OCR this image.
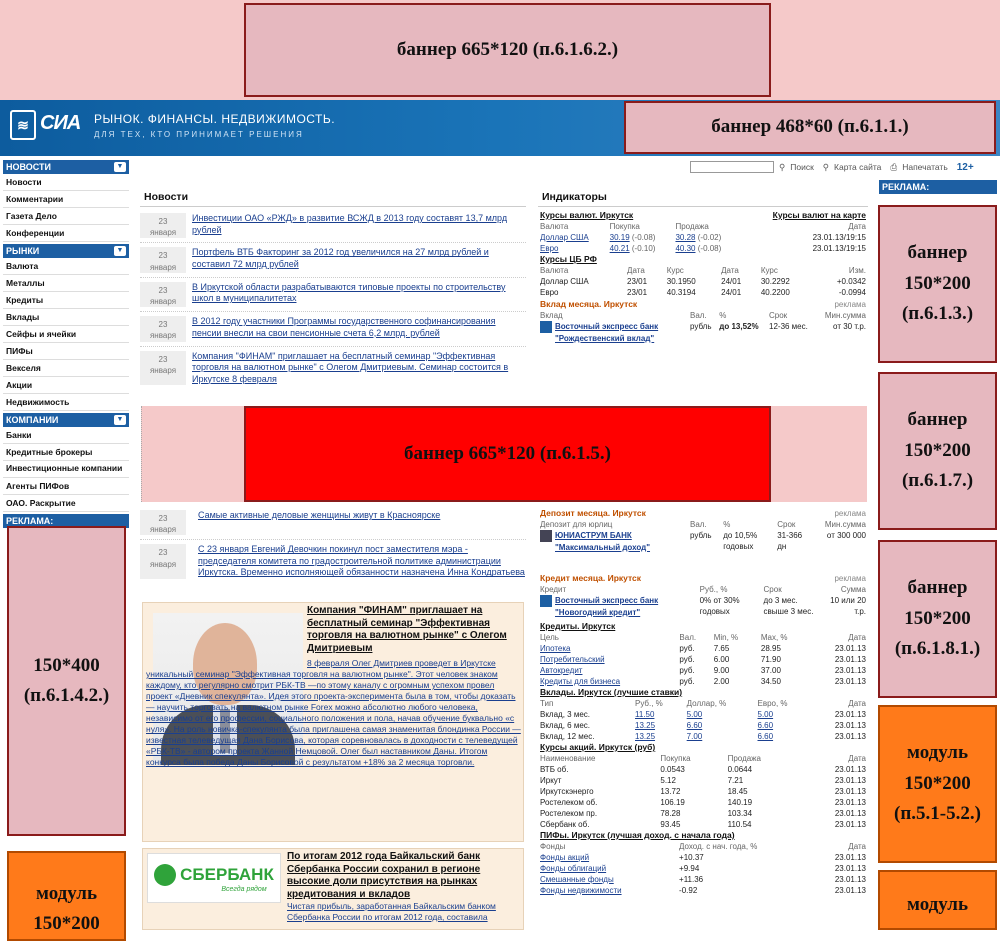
баннер 665*120 (п.6.1.6.2.)
≋ СИА РЫНОК. ФИНАНСЫ. НЕДВИЖИМОСТЬ.
ДЛЯ ТЕХ, КТО ПРИНИМАЕТ РЕШЕНИЯ	баннер 468*60 (п.6.1.1.)
⚲ Поиск ⚲ Карта сайта ⎙ Напечатать 12+
НОВОСТИ	▼
Новости
Комментарии
Газета Дело
Конференции
РЫНКИ	▼
Валюта
Металлы
Кредиты
Вклады
Сейфы и ячейки
ПИФы
Векселя
Акции
Недвижимость
КОМПАНИИ	▼
Банки
Кредитные брокеры
Инвестиционные компании
Агенты ПИФов
ОАО. Раскрытие
РЕКЛАМА:
150*400
(п.6.1.4.2.)
модуль
150*200
РЕКЛАМА:
баннер
150*200
(п.6.1.3.)
баннер
150*200
(п.6.1.7.)
баннер
150*200
(п.6.1.8.1.)
модуль
150*200
(п.5.1-5.2.)
модуль
Новости
23
января
Инвестиции ОАО «РЖД» в развитие ВСЖД в 2013 году составят 13,7 млрд рублей
23
января
Портфель ВТБ Факторинг за 2012 год увеличился на 27 млрд рублей и составил 72 млрд рублей
23
января
В Иркутской области разрабатываются типовые проекты по строительству школ в муниципалитетах
23
января
В 2012 году участники Программы государственного софинансирования пенсии внесли на свои пенсионные счета 6,2 млрд. рублей
23
января
Компания "ФИНАМ" приглашает на бесплатный семинар "Эффективная торговля на валютном рынке" с Олегом Дмитриевым. Семинар состоится в Иркутске 8 февраля
баннер 665*120 (п.6.1.5.)
23
января
Самые активные деловые женщины живут в Красноярске
23
января
С 23 января Евгений Девочкин покинул пост заместителя мэра - председателя комитета по градостроительной политике администрации Иркутска. Временно исполняющей обязанности назначена Инна Кондратьева
Компания "ФИНАМ" приглашает на бесплатный семинар "Эффективная торговля на валютном рынке" с Олегом Дмитриевым
8 февраля Олег Дмитриев проведет в Иркутске уникальный семинар "Эффективная торговля на валютном рынке". Этот человек знаком каждому, кто регулярно смотрит РБК-ТВ —по этому каналу с огромным успехом провел проект «Дневник спекулянта». Идея этого проекта-эксперимента была в том, чтобы доказать — научить торговать на валютном рынке Forex можно абсолютно любого человека, независимо от его профессии, социального положения и пола, начав обучение буквально «с нуля». На роль новичка-спекулянта была приглашена самая знаменитая блондинка России — известная телеведущая Дана Борисова, которая соревновалась в доходности с телеведущей «РБК-ТВ» - автором проекта Жанной Немцовой. Олег был наставником Даны. Итогом конкурса была победа Даны Борисовой с результатом +18% за 2 месяца торговли.
СБЕРБАНК
Всегда рядом
По итогам 2012 года Байкальский банк Сбербанка России сохранил в регионе высокие доли присутствия на рынках кредитования и вкладов
Чистая прибыль, заработанная Байкальским банком Сбербанка России по итогам 2012 года, составила
Индикаторы
Курсы валют. Иркутск			Курсы валют на карте	
Валюта	Покупка	Продажа		Дата
Доллар США	30.19 (-0.08)	30.28 (-0.02)		23.01.13/19:15
Евро	40.21 (-0.10)	40.30 (-0.08)		23.01.13/19:15
Курсы ЦБ РФ					
Валюта	Дата	Курс	Дата	Курс	Изм.
Доллар США	23/01	30.1950	24/01	30.2292	+0.0342
Евро	23/01	40.3194	24/01	40.2200	-0.0994
Вклад месяца. Иркутск				реклама
Вклад	Вал.	%	Срок	Мин.сумма
Восточный экспресс банк
"Рождественский вклад"	рубль	до 13,52%	12-36 мес.	от 30 т.р.
Депозит месяца. Иркутск				реклама
Депозит для юрлиц	Вал.	%	Срок	Мин.сумма
ЮНИАСТРУМ БАНК
"Максимальный доход"	рубль	до 10,5% годовых	31-366 дн	от 300 000
Кредит месяца. Иркутск			реклама
Кредит	Руб., %	Срок	Сумма
Восточный экспресс банк
"Новогодний кредит"	0% от 30% годовых	до 3 мес. свыше 3 мес.	10 или 20 т.р.
Кредиты. Иркутск				
Цель	Вал.	Min, %	Max, %	Дата
Ипотека	руб.	7.65	28.95	23.01.13
Потребительский	руб.	6.00	71.90	23.01.13
Автокредит	руб.	9.00	37.00	23.01.13
Кредиты для бизнеса	руб.	2.00	34.50	23.01.13
Вклады. Иркутск (лучшие ставки)				
Тип	Руб., %	Доллар, %	Евро, %	Дата
Вклад, 3 мес.	11.50	5.00	5.00	23.01.13
Вклад, 6 мес.	13.25	6.60	6.60	23.01.13
Вклад, 12 мес.	13.25	7.00	6.60	23.01.13
Курсы акций. Иркутск (руб)			
Наименование	Покупка	Продажа	Дата
ВТБ об.	0.0543	0.0644	23.01.13
Иркут	5.12	7.21	23.01.13
Иркутскэнерго	13.72	18.45	23.01.13
Ростелеком об.	106.19	140.19	23.01.13
Ростелеком пр.	78.28	103.34	23.01.13
Сбербанк об.	93.45	110.54	23.01.13
ПИФы. Иркутск (лучшая доход. с начала года)		
Фонды	Доход. с нач. года, %	Дата
Фонды акций	+10.37	23.01.13
Фонды облигаций	+9.94	23.01.13
Смешанные фонды	+11.36	23.01.13
Фонды недвижимости	-0.92	23.01.13
